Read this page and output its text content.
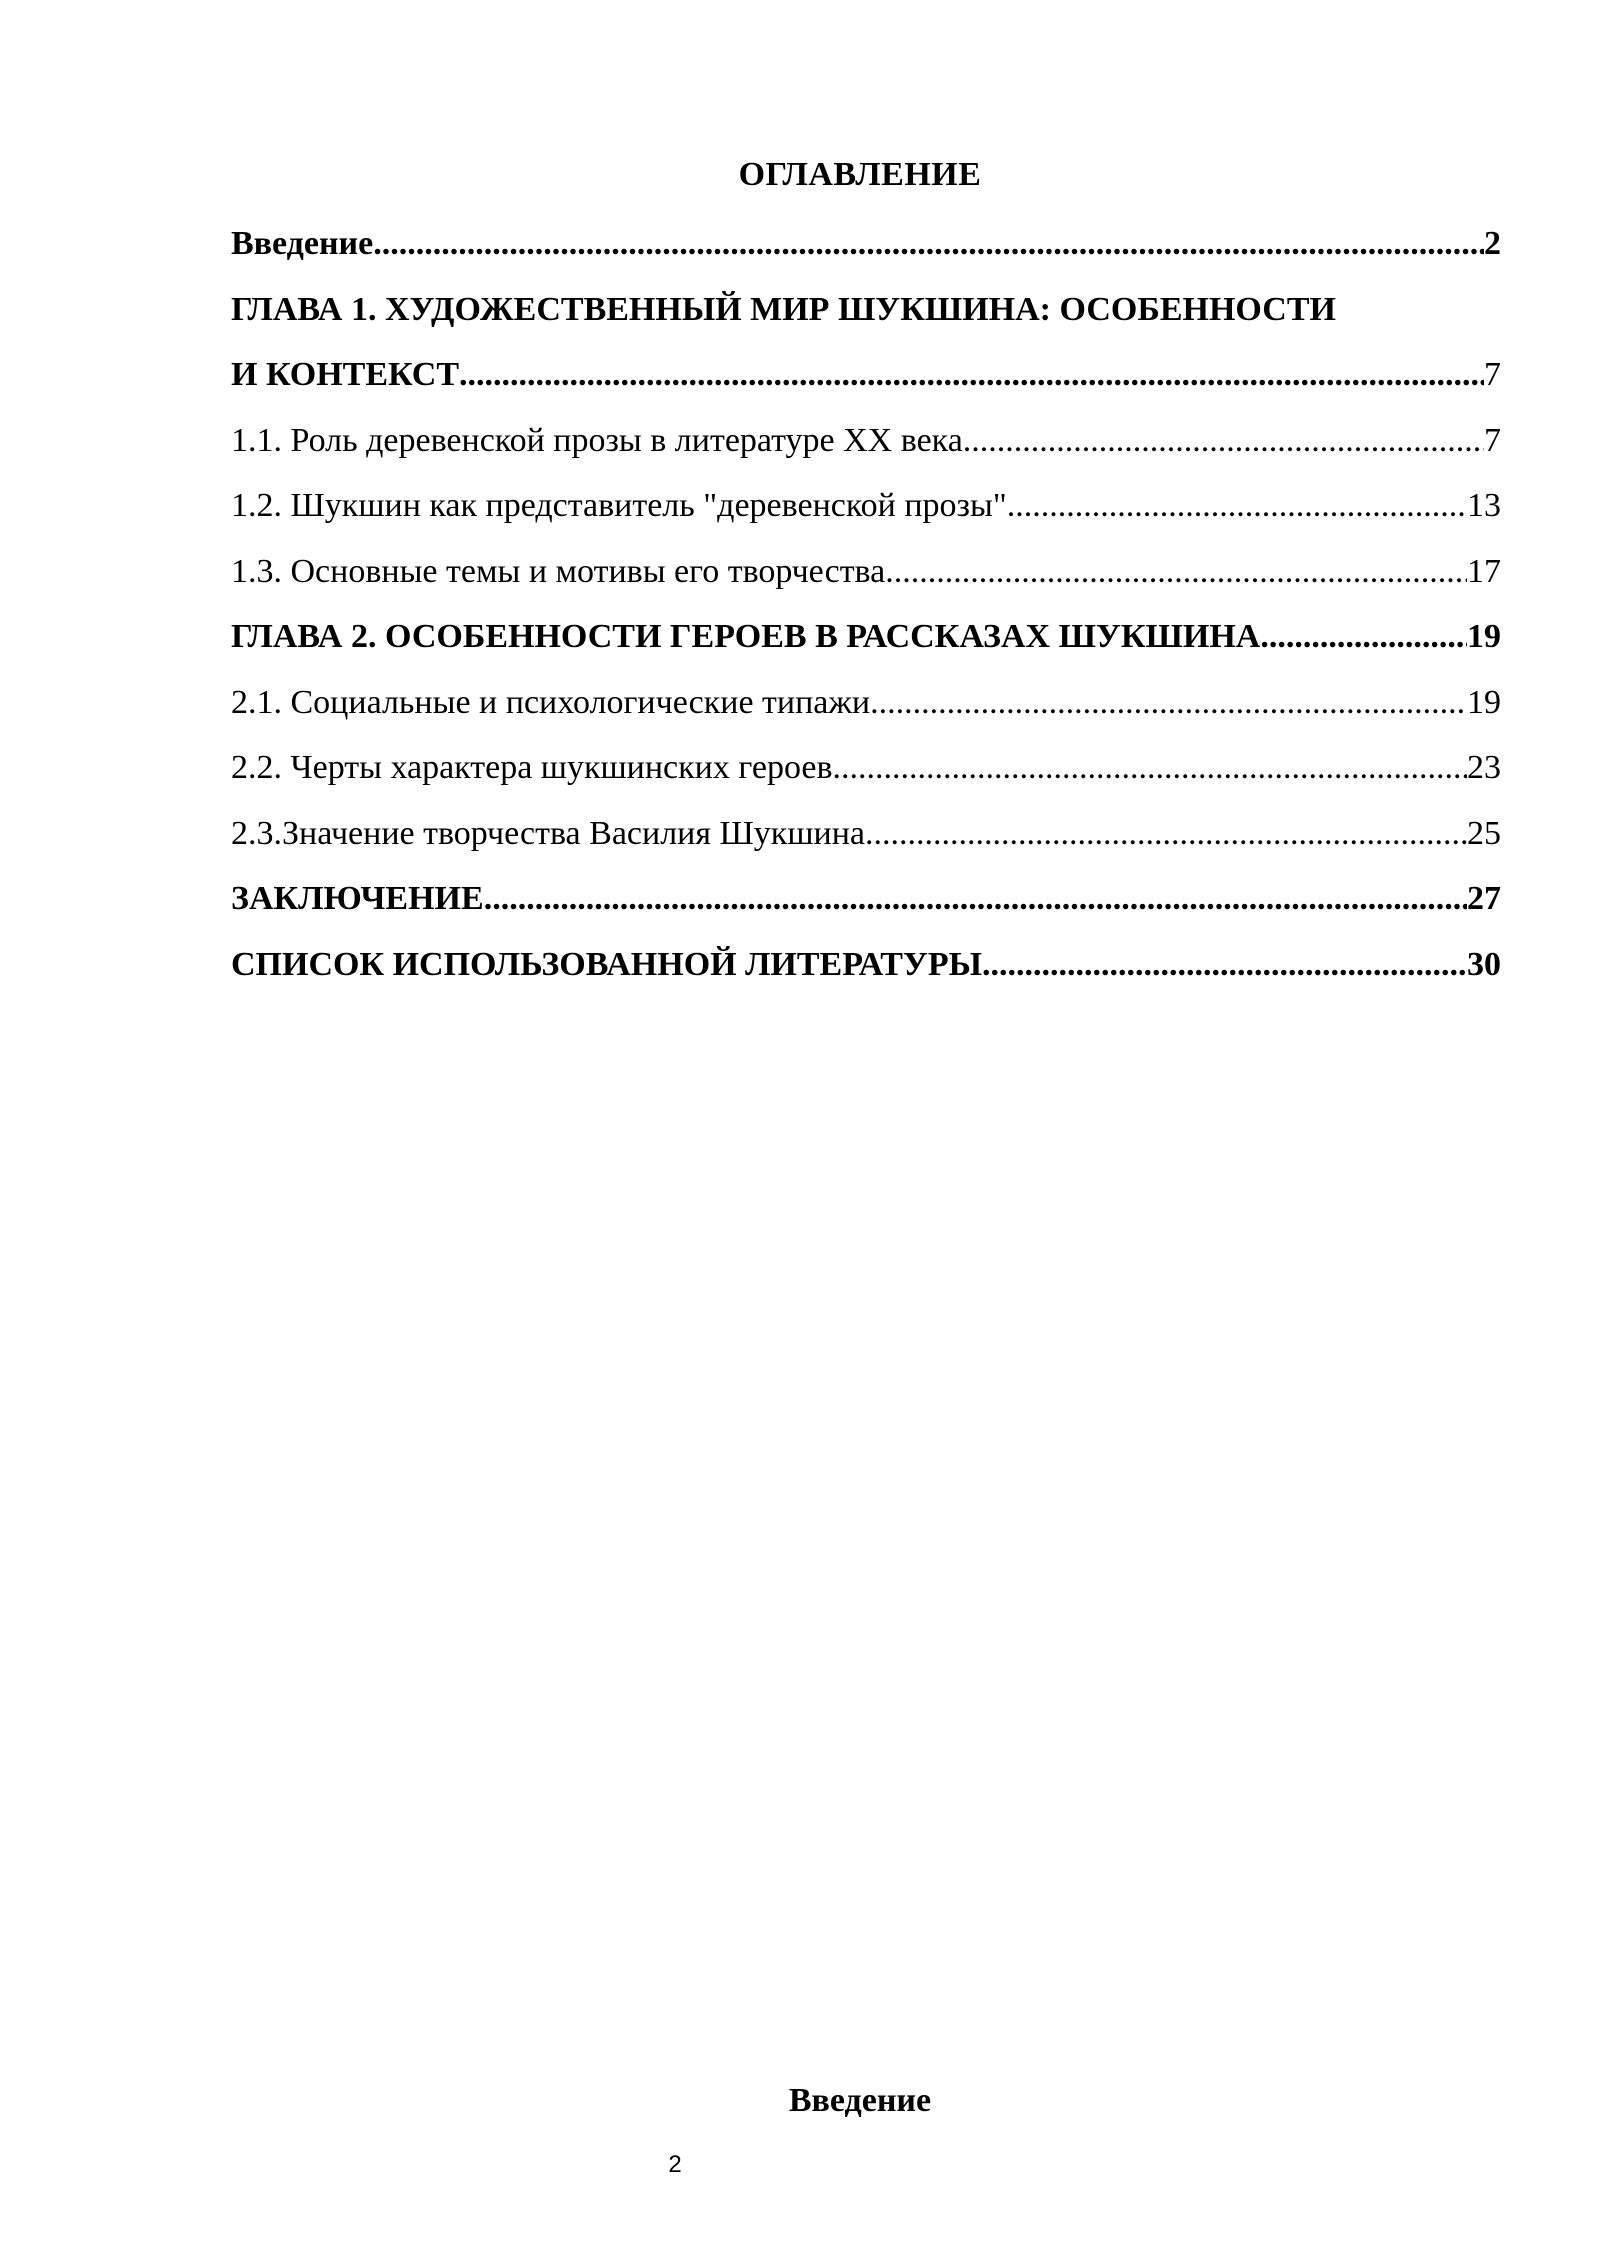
ОГЛАВЛЕНИЕ
Введение .....	2
ГЛАВА 1. ХУДОЖЕСТВЕННЫЙ МИР ШУКШИНА: ОСОБЕННОСТИ
И КОНТЕКСТ .....	7
1.1. Роль деревенской прозы в литературе XX века .....	7
1.2. Шукшин как представитель "деревенской прозы" .....	13
1.3. Основные темы и мотивы его творчества .....	17
ГЛАВА 2. ОСОБЕННОСТИ ГЕРОЕВ В РАССКАЗАХ ШУКШИНА .....	19
2.1. Социальные и психологические типажи .....	19
2.2. Черты характера шукшинских героев .....	23
2.3.Значение творчества Василия Шукшина .....	25
ЗАКЛЮЧЕНИЕ .....	27
СПИСОК ИСПОЛЬЗОВАННОЙ ЛИТЕРАТУРЫ .....	30
Введение
2
